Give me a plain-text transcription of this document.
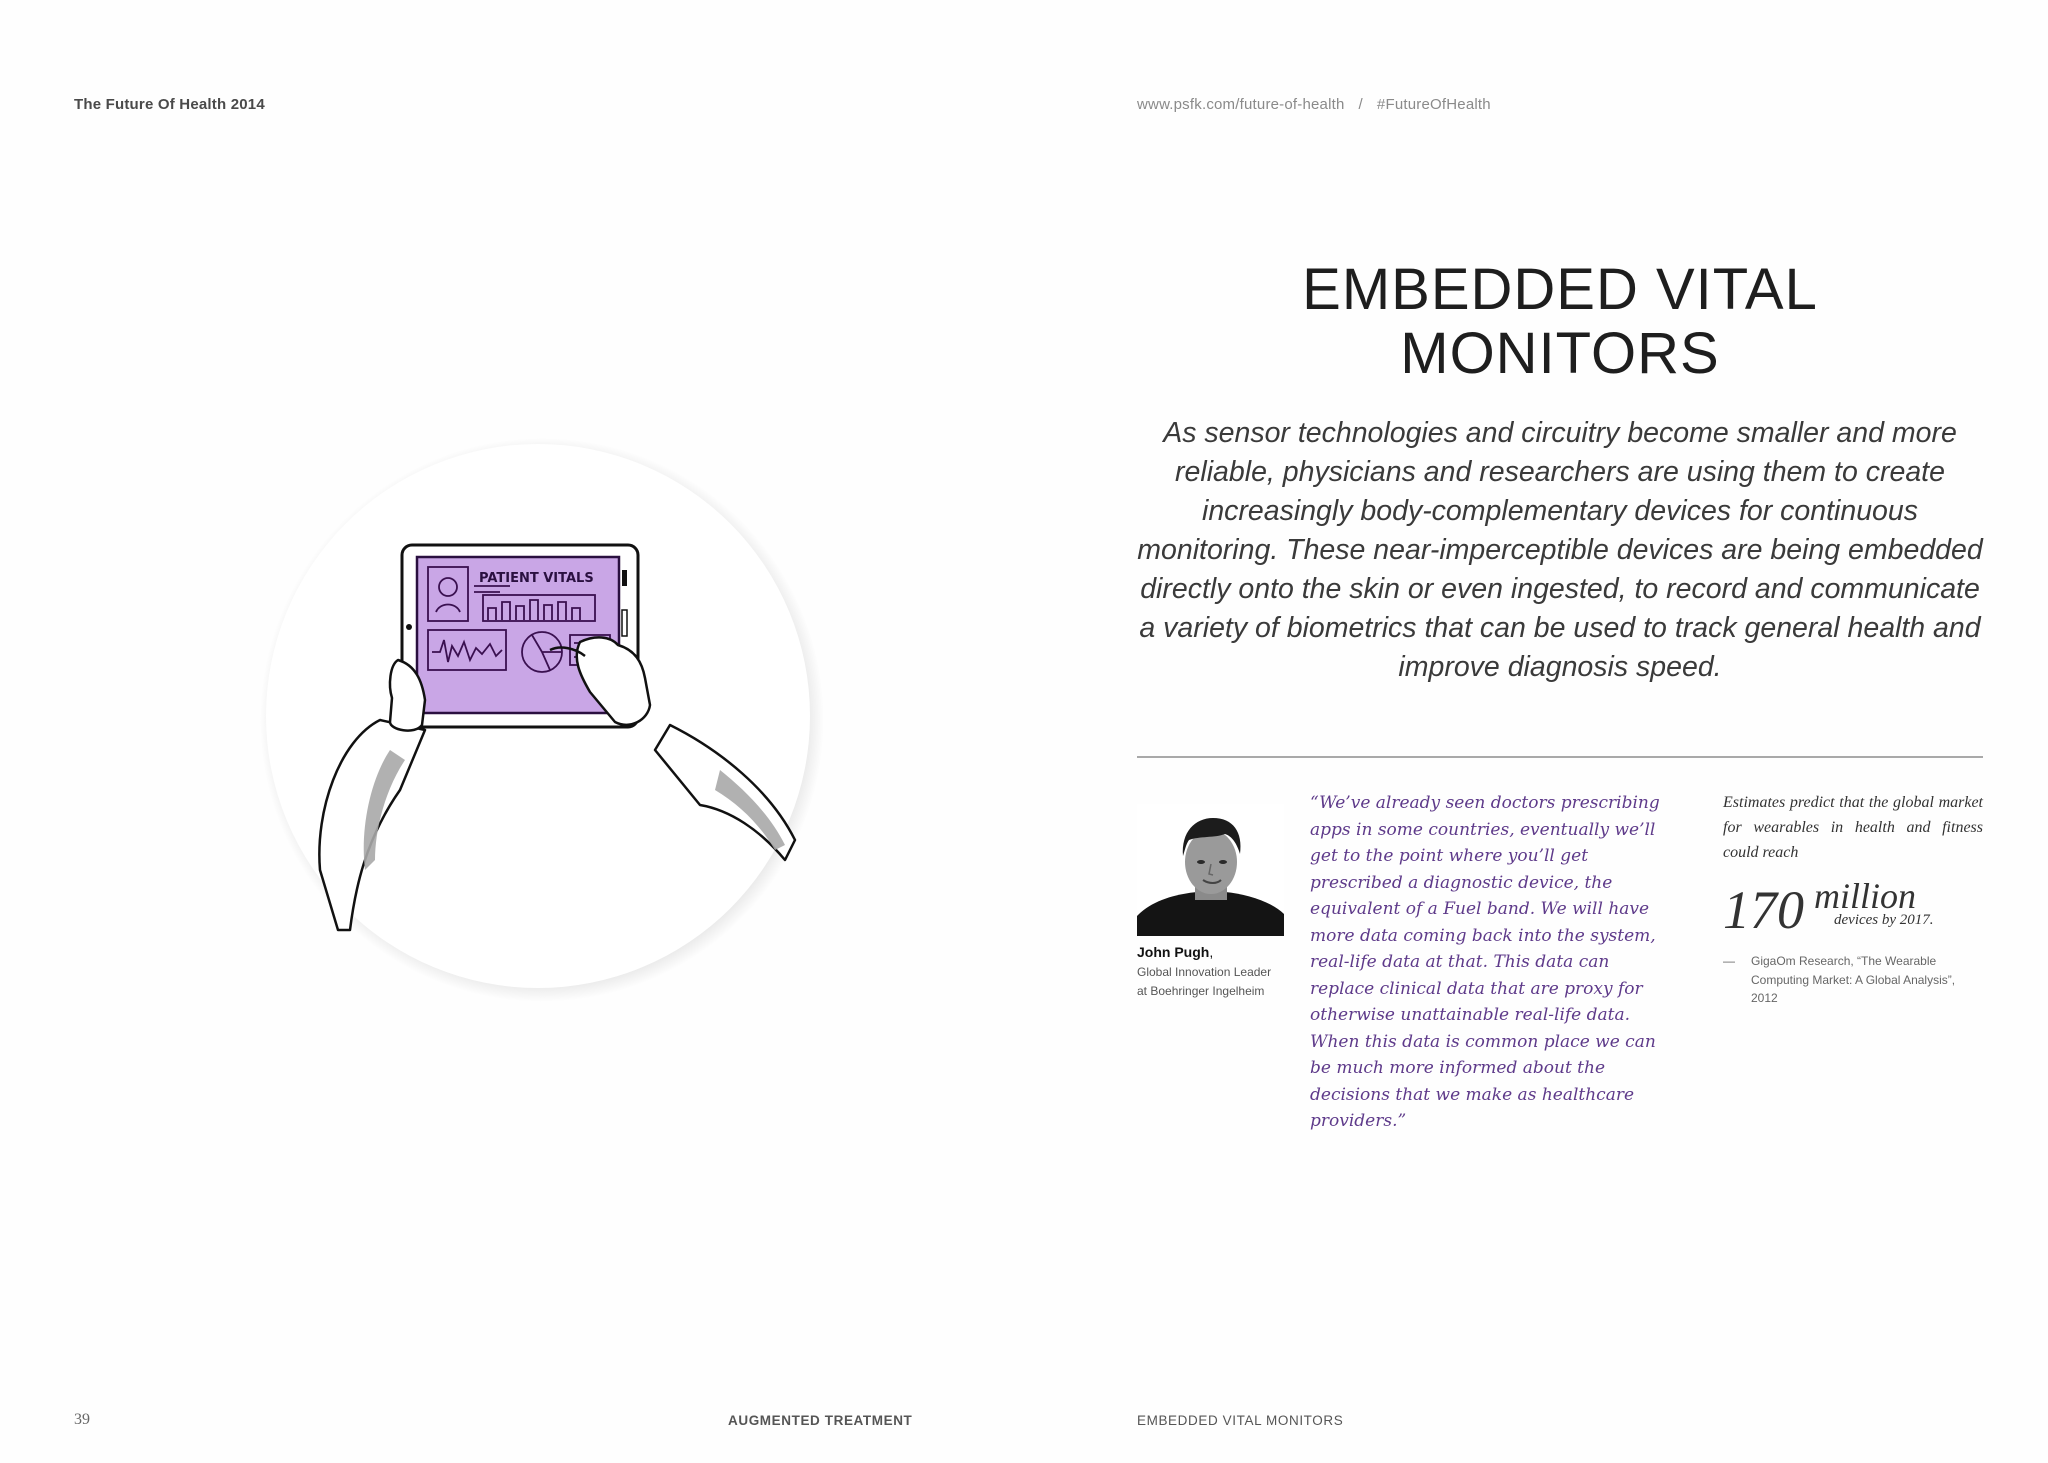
The Future Of Health 2014	www.psfk.com/future-of-health / #FutureOfHealth
PATIENT VITALS
EMBEDDED VITAL
MONITORS
As sensor technologies and circuitry become smaller and more reliable, physicians and researchers are using them to create increasingly body-complementary devices for continuous monitoring. These near-imperceptible devices are being embedded directly onto the skin or even ingested, to record and communicate a variety of biometrics that can be used to track general health and improve diagnosis speed.
John Pugh,
Global Innovation Leader at Boehringer Ingelheim
“We’ve already seen doctors prescribing apps in some countries, eventually we’ll get to the point where you’ll get prescribed a diagnostic device, the equivalent of a Fuel band. We will have more data coming back into the system, real-life data at that. This data can replace clinical data that are proxy for otherwise unattainable real-life data. When this data is common place we can be much more informed about the decisions that we make as healthcare providers.”
Estimates predict that the global market for wearables in health and fitness could reach
170 million
devices by 2017.
—	GigaOm Research, “The Wearable Computing Market: A Global Analysis”, 2012
39	AUGMENTED TREATMENT	EMBEDDED VITAL MONITORS
